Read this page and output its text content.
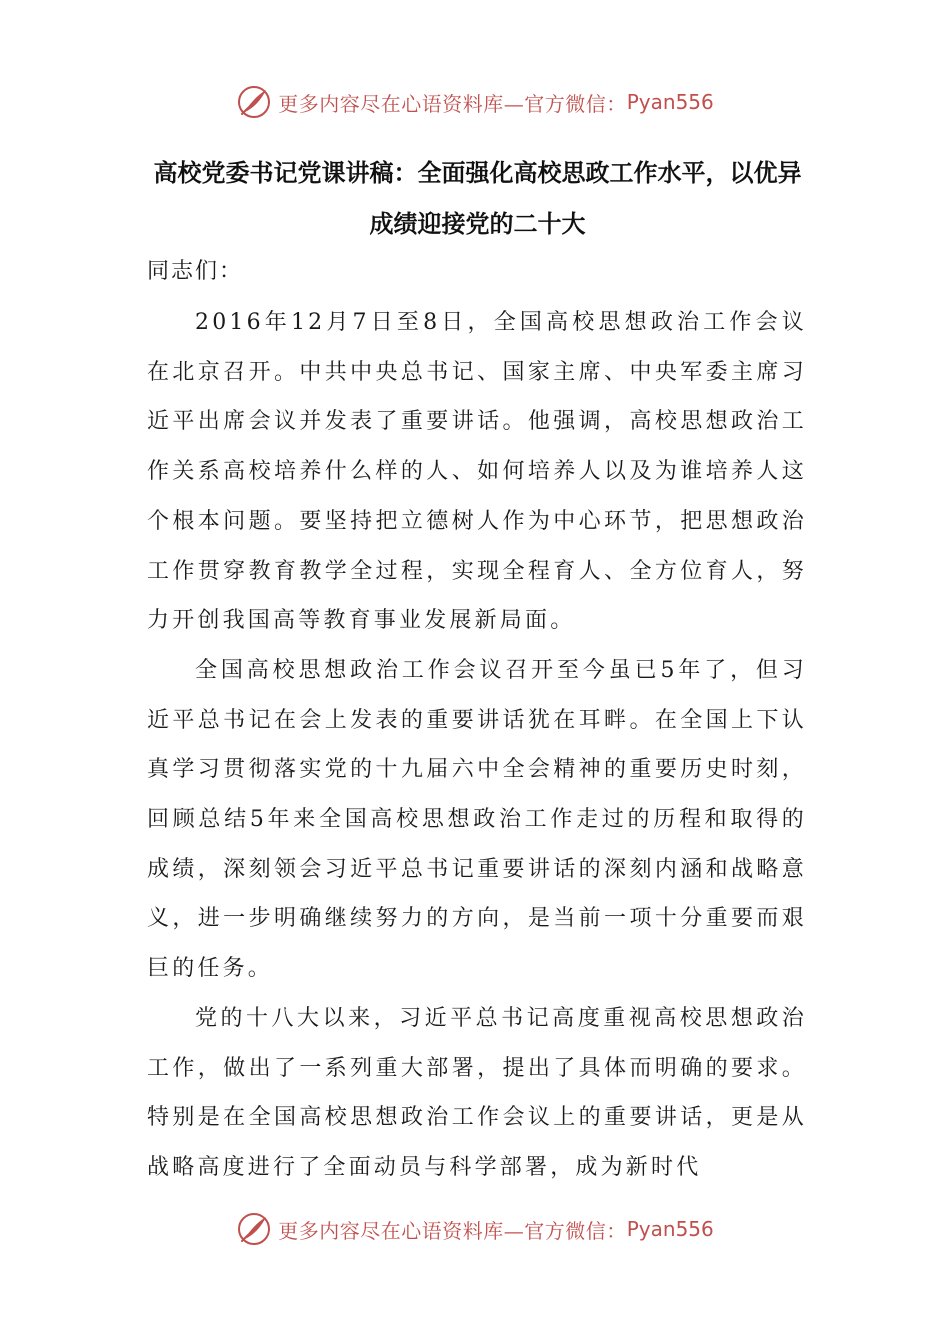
更多内容尽在心语资料库—官方微信： Pyan556
高校党委书记党课讲稿：全面强化高校思政工作水平，以优异成绩迎接党的二十大
同志们：

2016年12月7日至8日，全国高校思想政治工作会议在北京召开。中共中央总书记、国家主席、中央军委主席习近平出席会议并发表了重要讲话。他强调，高校思想政治工作关系高校培养什么样的人、如何培养人以及为谁培养人这个根本问题。要坚持把立德树人作为中心环节，把思想政治工作贯穿教育教学全过程，实现全程育人、全方位育人，努力开创我国高等教育事业发展新局面。

全国高校思想政治工作会议召开至今虽已5年了，但习近平总书记在会上发表的重要讲话犹在耳畔。在全国上下认真学习贯彻落实党的十九届六中全会精神的重要历史时刻，回顾总结5年来全国高校思想政治工作走过的历程和取得的成绩，深刻领会习近平总书记重要讲话的深刻内涵和战略意义，进一步明确继续努力的方向，是当前一项十分重要而艰巨的任务。

党的十八大以来，习近平总书记高度重视高校思想政治工作，做出了一系列重大部署，提出了具体而明确的要求。特别是在全国高校思想政治工作会议上的重要讲话，更是从战略高度进行了全面动员与科学部署，成为新时代

更多内容尽在心语资料库—官方微信： Pyan556
